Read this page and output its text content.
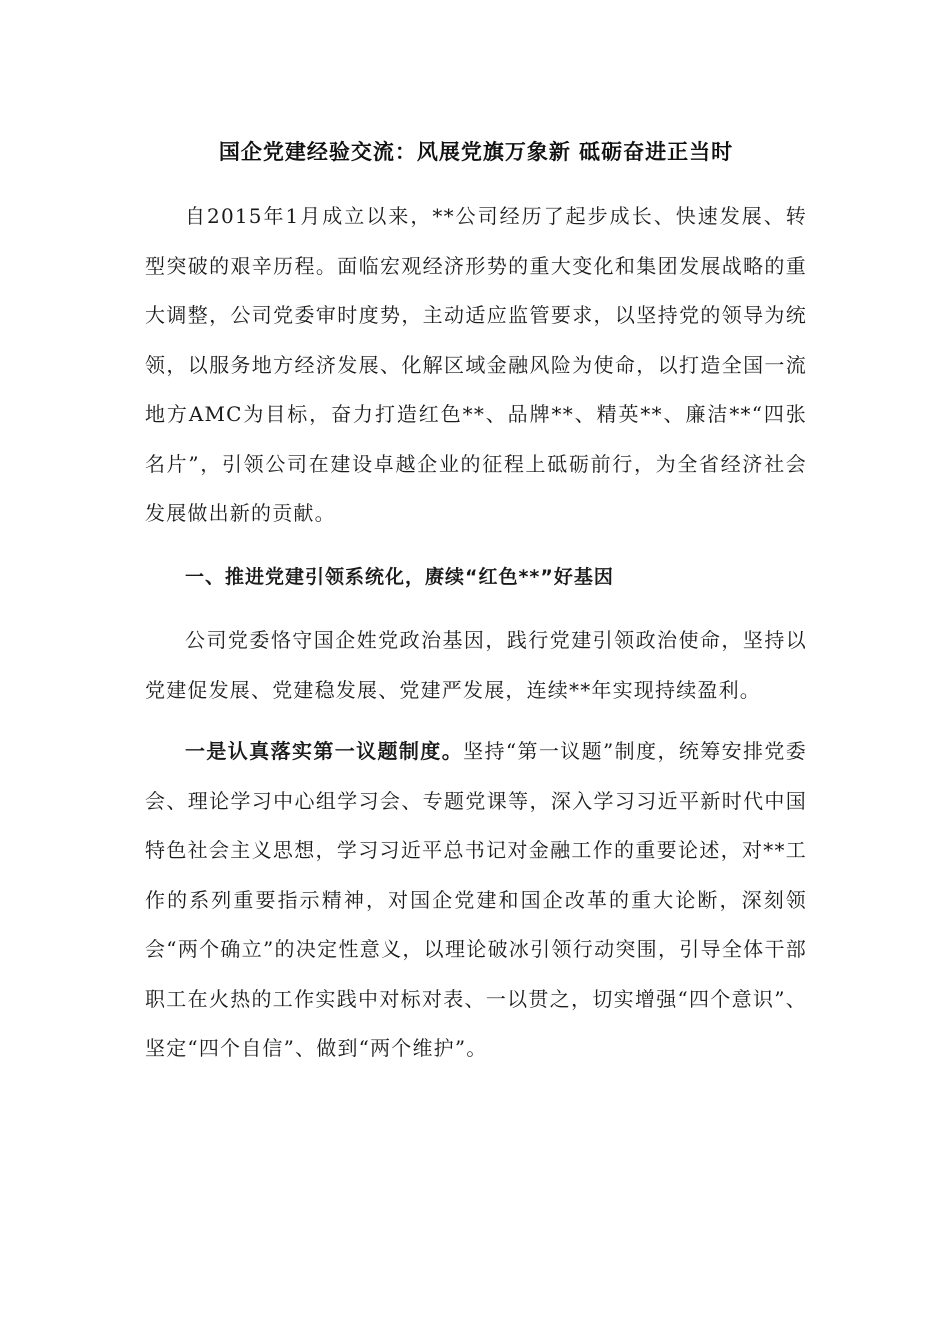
国企党建经验交流：风展党旗万象新 砥砺奋进正当时

自2015年1月成立以来，**公司经历了起步成长、快速发展、转型突破的艰辛历程。面临宏观经济形势的重大变化和集团发展战略的重大调整，公司党委审时度势，主动适应监管要求，以坚持党的领导为统领，以服务地方经济发展、化解区域金融风险为使命，以打造全国一流地方AMC为目标，奋力打造红色**、品牌**、精英**、廉洁**“四张名片”，引领公司在建设卓越企业的征程上砥砺前行，为全省经济社会发展做出新的贡献。

一、推进党建引领系统化，赓续“红色**”好基因

公司党委恪守国企姓党政治基因，践行党建引领政治使命，坚持以党建促发展、党建稳发展、党建严发展，连续**年实现持续盈利。

一是认真落实第一议题制度。坚持“第一议题”制度，统筹安排党委会、理论学习中心组学习会、专题党课等，深入学习习近平新时代中国特色社会主义思想，学习习近平总书记对金融工作的重要论述，对**工作的系列重要指示精神，对国企党建和国企改革的重大论断，深刻领会“两个确立”的决定性意义，以理论破冰引领行动突围，引导全体干部职工在火热的工作实践中对标对表、一以贯之，切实增强“四个意识”、坚定“四个自信”、做到“两个维护”。
